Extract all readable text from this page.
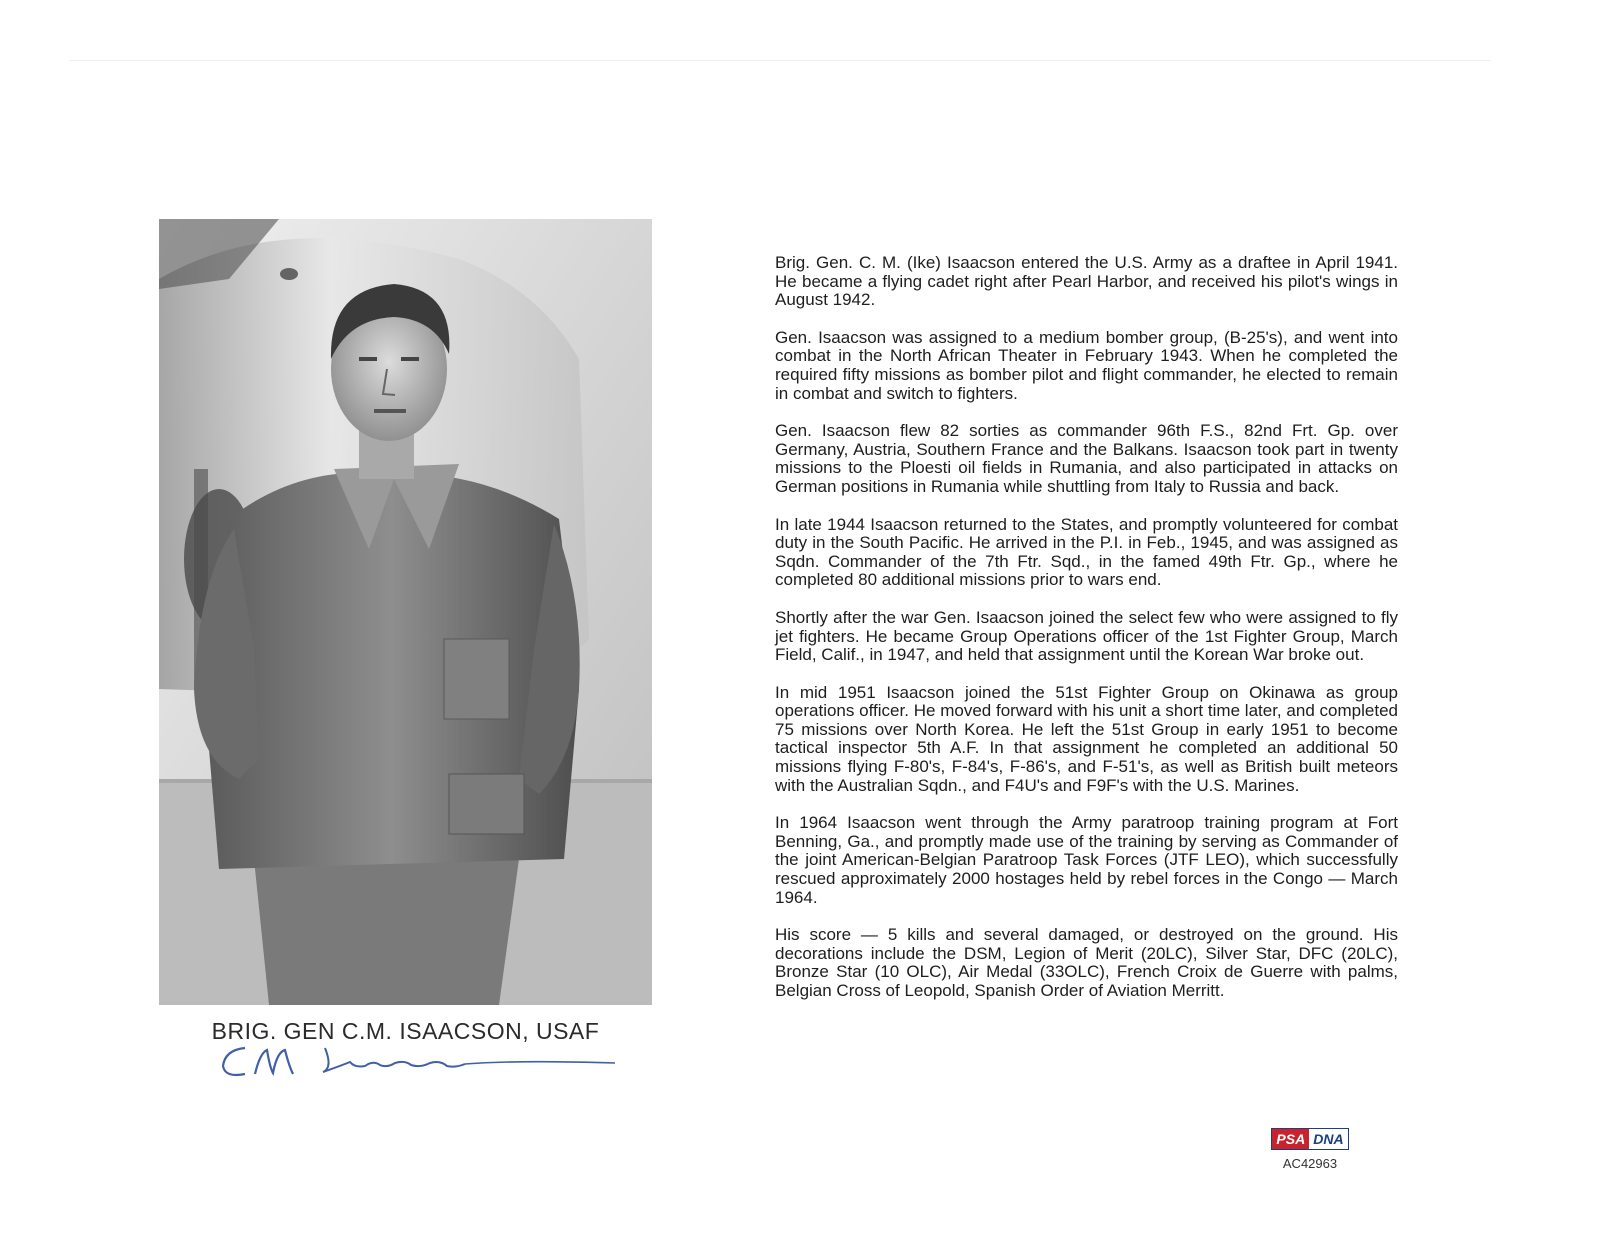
BRIG. GEN C.M. ISAACSON, USAF

Brig. Gen. C. M. (Ike) Isaacson entered the U.S. Army as a draftee in April 1941. He became a flying cadet right after Pearl Harbor, and received his pilot's wings in August 1942.

Gen. Isaacson was assigned to a medium bomber group, (B-25's), and went into combat in the North African Theater in February 1943. When he completed the required fifty missions as bomber pilot and flight commander, he elected to remain in combat and switch to fighters.

Gen. Isaacson flew 82 sorties as commander 96th F.S., 82nd Frt. Gp. over Germany, Austria, Southern France and the Balkans. Isaacson took part in twenty missions to the Ploesti oil fields in Rumania, and also participated in attacks on German positions in Rumania while shuttling from Italy to Russia and back.

In late 1944 Isaacson returned to the States, and promptly volunteered for combat duty in the South Pacific. He arrived in the P.I. in Feb., 1945, and was assigned as Sqdn. Commander of the 7th Ftr. Sqd., in the famed 49th Ftr. Gp., where he completed 80 additional missions prior to wars end.

Shortly after the war Gen. Isaacson joined the select few who were assigned to fly jet fighters. He became Group Operations officer of the 1st Fighter Group, March Field, Calif., in 1947, and held that assignment until the Korean War broke out.

In mid 1951 Isaacson joined the 51st Fighter Group on Okinawa as group operations officer. He moved forward with his unit a short time later, and completed 75 missions over North Korea. He left the 51st Group in early 1951 to become tactical inspector 5th A.F. In that assignment he completed an additional 50 missions flying F-80's, F-84's, F-86's, and F-51's, as well as British built meteors with the Australian Sqdn., and F4U's and F9F's with the U.S. Marines.

In 1964 Isaacson went through the Army paratroop training program at Fort Benning, Ga., and promptly made use of the training by serving as Commander of the joint American-Belgian Paratroop Task Forces (JTF LEO), which successfully rescued approximately 2000 hostages held by rebel forces in the Congo — March 1964.

His score — 5 kills and several damaged, or destroyed on the ground. His decorations include the DSM, Legion of Merit (20LC), Silver Star, DFC (20LC), Bronze Star (10 OLC), Air Medal (33OLC), French Croix de Guerre with palms, Belgian Cross of Leopold, Spanish Order of Aviation Merritt.

PSA DNA
AC42963
